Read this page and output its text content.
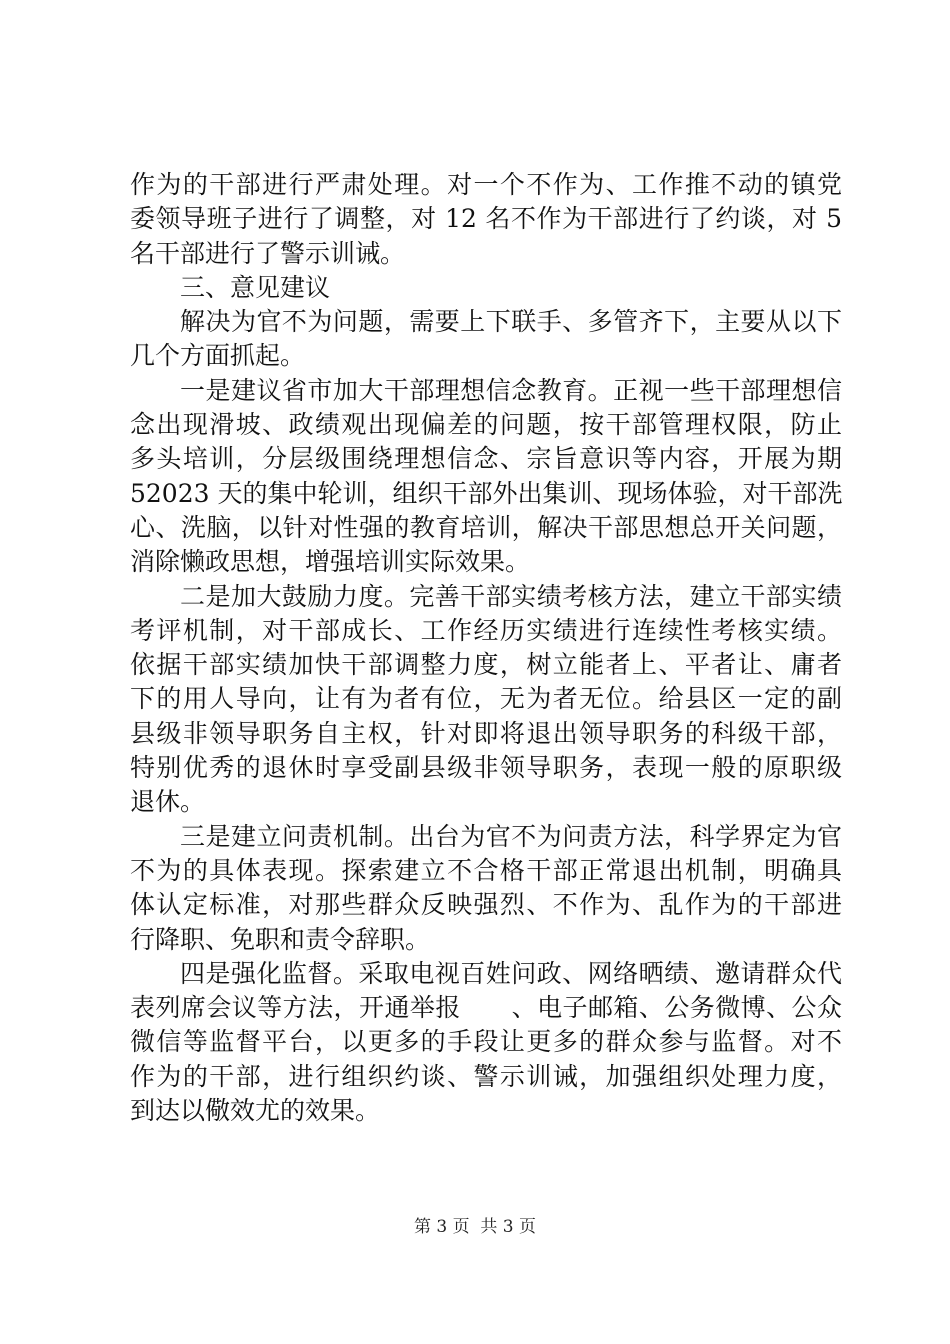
作为的干部进行严肃处理。对一个不作为、工作推不动的镇党
委领导班子进行了调整，对 12 名不作为干部进行了约谈，对 5
名干部进行了警示训诫。
三、意见建议
解决为官不为问题，需要上下联手、多管齐下，主要从以下
几个方面抓起。
一是建议省市加大干部理想信念教育。正视一些干部理想信
念出现滑坡、政绩观出现偏差的问题，按干部管理权限，防止
多头培训，分层级围绕理想信念、宗旨意识等内容，开展为期
52023 天的集中轮训，组织干部外出集训、现场体验，对干部洗
心、洗脑，以针对性强的教育培训，解决干部思想总开关问题，
消除懒政思想，增强培训实际效果。
二是加大鼓励力度。完善干部实绩考核方法，建立干部实绩
考评机制，对干部成长、工作经历实绩进行连续性考核实绩。
依据干部实绩加快干部调整力度，树立能者上、平者让、庸者
下的用人导向，让有为者有位，无为者无位。给县区一定的副
县级非领导职务自主权，针对即将退出领导职务的科级干部，
特别优秀的退休时享受副县级非领导职务，表现一般的原职级
退休。
三是建立问责机制。出台为官不为问责方法，科学界定为官
不为的具体表现。探索建立不合格干部正常退出机制，明确具
体认定标准，对那些群众反映强烈、不作为、乱作为的干部进
行降职、免职和责令辞职。
四是强化监督。采取电视百姓问政、网络晒绩、邀请群众代
表列席会议等方法，开通举报　　、电子邮箱、公务微博、公众
微信等监督平台，以更多的手段让更多的群众参与监督。对不
作为的干部，进行组织约谈、警示训诫，加强组织处理力度，
到达以儆效尤的效果。
第 3 页 共 3 页
